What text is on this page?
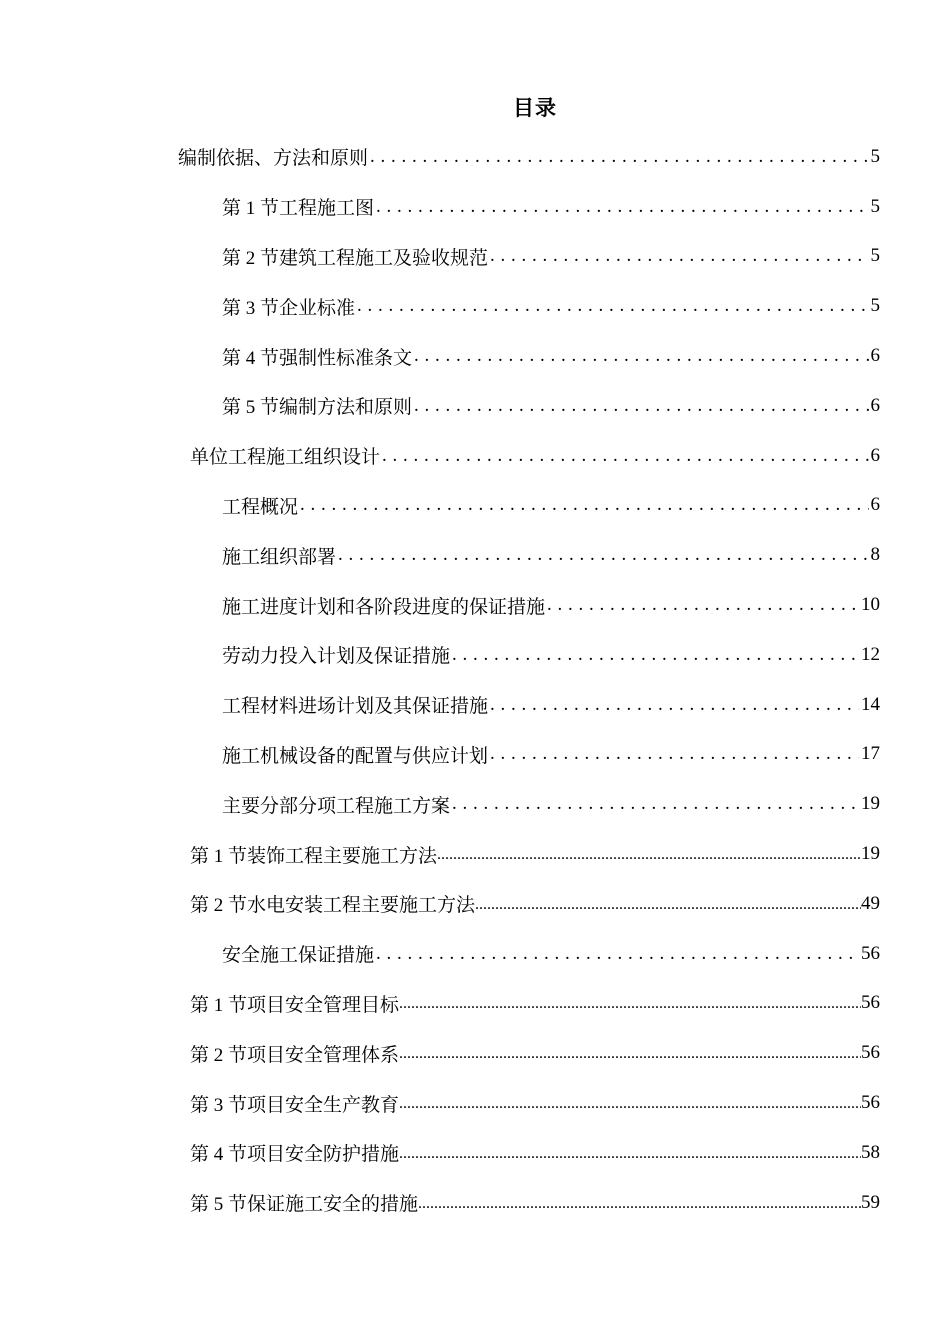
目录
编制依据、方法和原则 . . .	5
第 1 节工程施工图 . . .	5
第 2 节建筑工程施工及验收规范 . . .	5
第 3 节企业标准 . . .	5
第 4 节强制性标准条文 . . .	6
第 5 节编制方法和原则 . . .	6
单位工程施工组织设计 . . .	6
工程概况 . . .	6
施工组织部署 . . .	8
施工进度计划和各阶段进度的保证措施 . . .	10
劳动力投入计划及保证措施 . . .	12
工程材料进场计划及其保证措施 . . .	14
施工机械设备的配置与供应计划 . . .	17
主要分部分项工程施工方案 . . .	19
第 1 节装饰工程主要施工方法 .....	19
第 2 节水电安装工程主要施工方法 .....	49
安全施工保证措施 . . .	56
第 1 节项目安全管理目标 .....	56
第 2 节项目安全管理体系 .....	56
第 3 节项目安全生产教育 .....	56
第 4 节项目安全防护措施 .....	58
第 5 节保证施工安全的措施 .....	59
